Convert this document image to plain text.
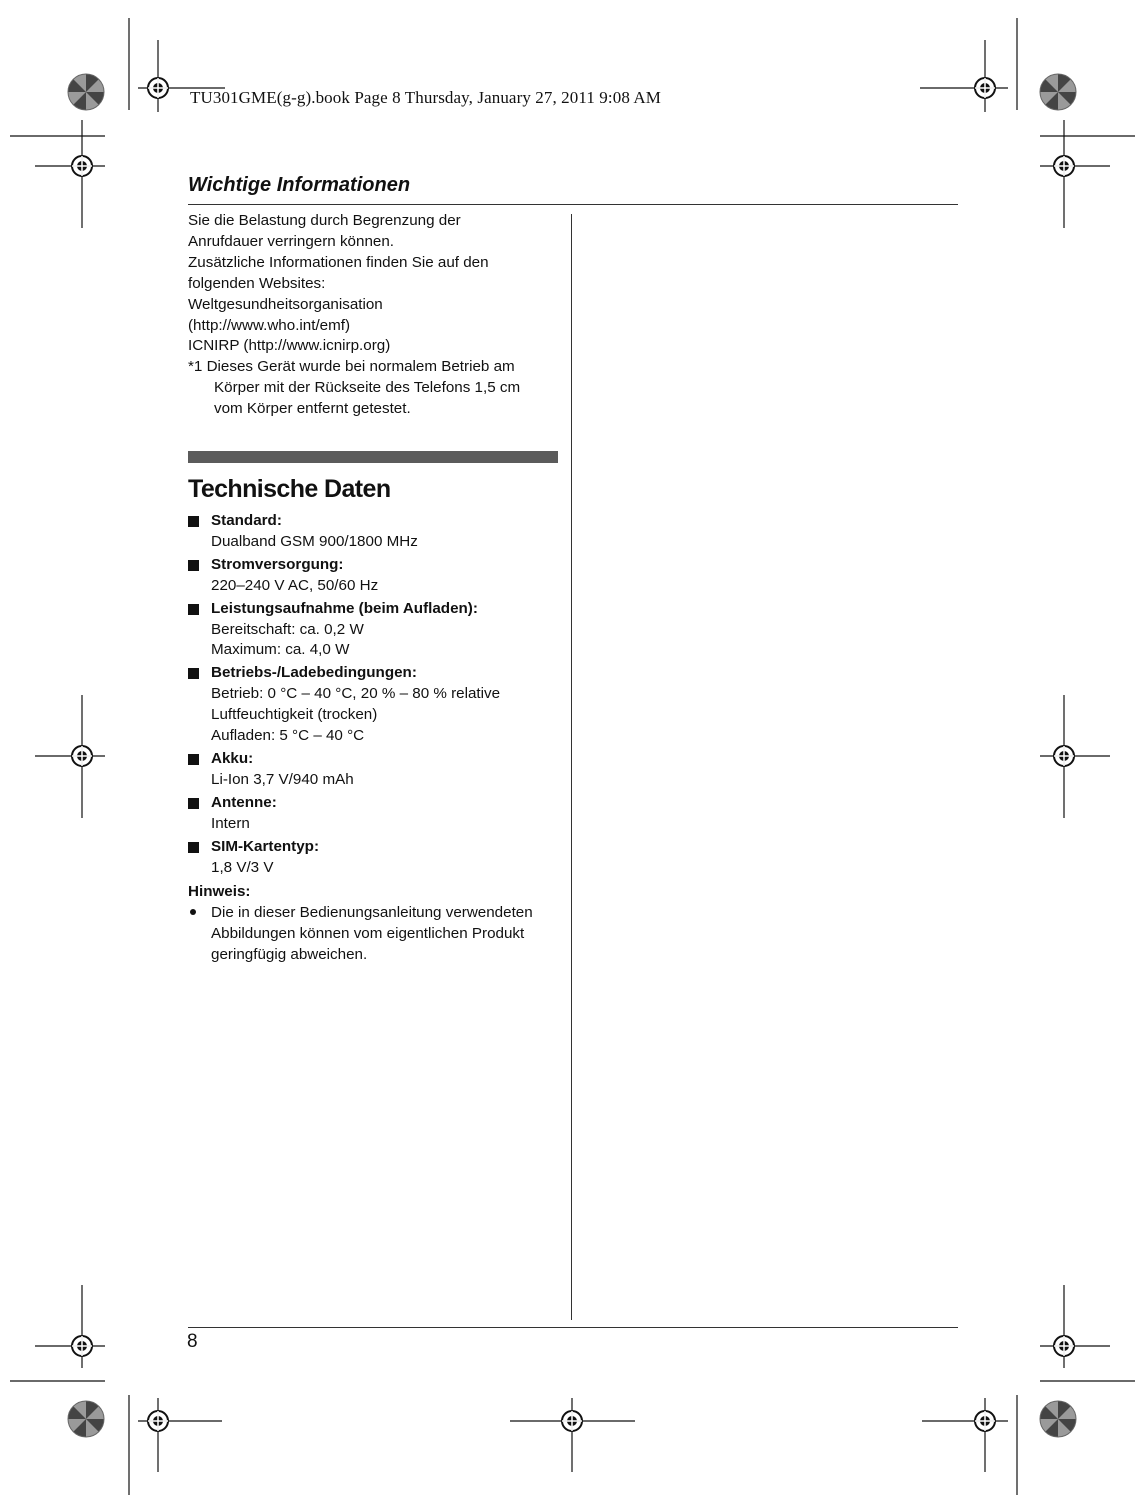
TU301GME(g-g).book Page 8 Thursday, January 27, 2011 9:08 AM
Wichtige Informationen

Sie die Belastung durch Begrenzung der

Anrufdauer verringern können.

Zusätzliche Informationen finden Sie auf den

folgenden Websites:

Weltgesundheitsorganisation

(http://www.who.int/emf)

ICNIRP (http://www.icnirp.org)

*1 Dieses Gerät wurde bei normalem Betrieb am
Körper mit der Rückseite des Telefons 1,5 cm
vom Körper entfernt getestet.
Technische Daten
Standard:
Dualband GSM 900/1800 MHz
Stromversorgung:
220–240 V AC, 50/60 Hz
Leistungsaufnahme (beim Aufladen):
Bereitschaft: ca. 0,2 W
Maximum: ca. 4,0 W
Betriebs-/Ladebedingungen:
Betrieb: 0 °C – 40 °C, 20 % – 80 % relative
Luftfeuchtigkeit (trocken)
Aufladen: 5 °C – 40 °C
Akku:
Li-Ion 3,7 V/940 mAh
Antenne:
Intern
SIM-Kartentyp:
1,8 V/3 V
Hinweis:
Die in dieser Bedienungsanleitung verwendeten
Abbildungen können vom eigentlichen Produkt
geringfügig abweichen.
8
